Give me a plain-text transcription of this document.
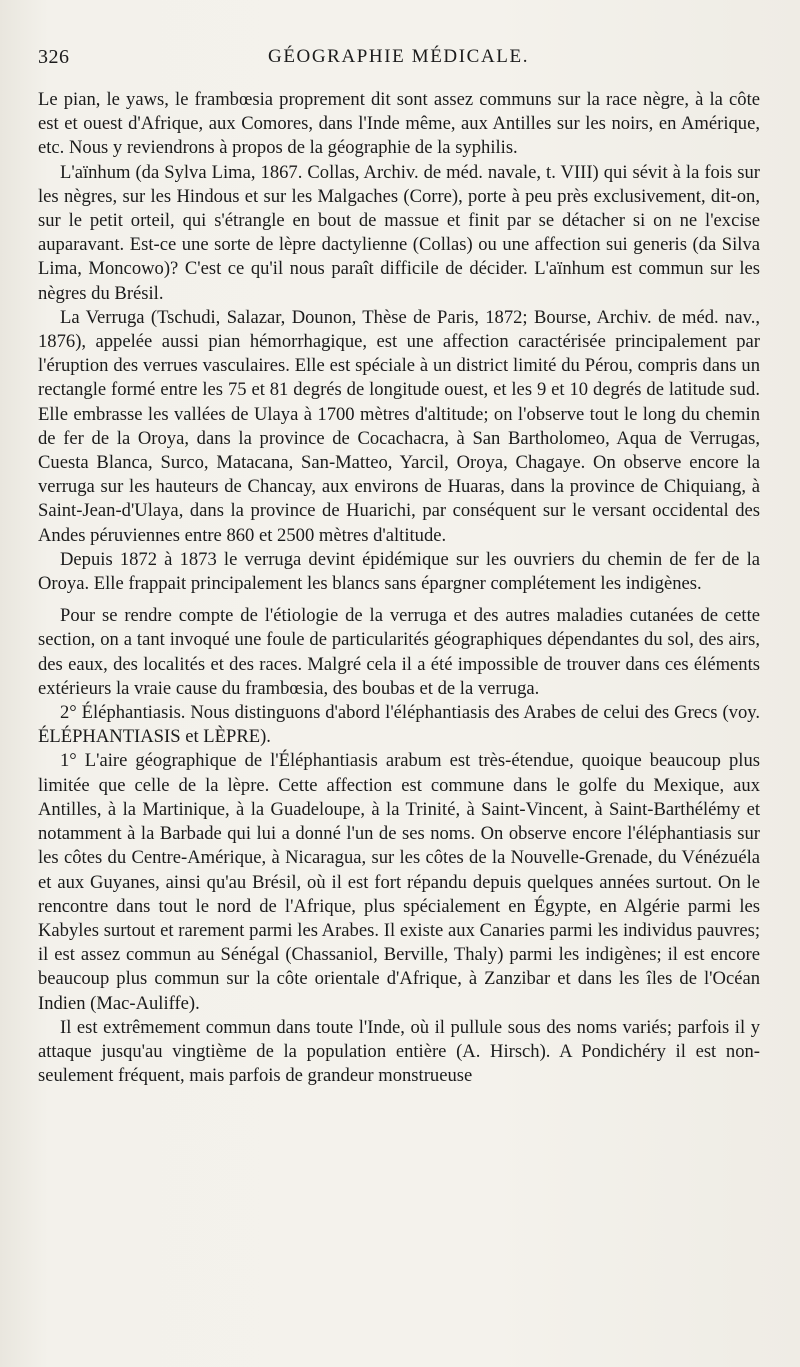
326	GÉOGRAPHIE MÉDICALE.

Le pian, le yaws, le frambœsia proprement dit sont assez communs sur la race nègre, à la côte est et ouest d'Afrique, aux Comores, dans l'Inde même, aux Antilles sur les noirs, en Amérique, etc. Nous y reviendrons à propos de la géographie de la syphilis.

L'aïnhum (da Sylva Lima, 1867. Collas, Archiv. de méd. navale, t. VIII) qui sévit à la fois sur les nègres, sur les Hindous et sur les Malgaches (Corre), porte à peu près exclusivement, dit-on, sur le petit orteil, qui s'étrangle en bout de massue et finit par se détacher si on ne l'excise auparavant. Est-ce une sorte de lèpre dactylienne (Collas) ou une affection sui generis (da Silva Lima, Moncowo)? C'est ce qu'il nous paraît difficile de décider. L'aïnhum est commun sur les nègres du Brésil.

La Verruga (Tschudi, Salazar, Dounon, Thèse de Paris, 1872; Bourse, Archiv. de méd. nav., 1876), appelée aussi pian hémorrhagique, est une affection caractérisée principalement par l'éruption des verrues vasculaires. Elle est spéciale à un district limité du Pérou, compris dans un rectangle formé entre les 75 et 81 degrés de longitude ouest, et les 9 et 10 degrés de latitude sud. Elle embrasse les vallées de Ulaya à 1700 mètres d'altitude; on l'observe tout le long du chemin de fer de la Oroya, dans la province de Cocachacra, à San Bartholomeo, Aqua de Verrugas, Cuesta Blanca, Surco, Matacana, San-Matteo, Yarcil, Oroya, Chagaye. On observe encore la verruga sur les hauteurs de Chancay, aux environs de Huaras, dans la province de Chiquiang, à Saint-Jean-d'Ulaya, dans la province de Huarichi, par conséquent sur le versant occidental des Andes péruviennes entre 860 et 2500 mètres d'altitude.

Depuis 1872 à 1873 le verruga devint épidémique sur les ouvriers du chemin de fer de la Oroya. Elle frappait principalement les blancs sans épargner complétement les indigènes.

Pour se rendre compte de l'étiologie de la verruga et des autres maladies cutanées de cette section, on a tant invoqué une foule de particularités géographiques dépendantes du sol, des airs, des eaux, des localités et des races. Malgré cela il a été impossible de trouver dans ces éléments extérieurs la vraie cause du frambœsia, des boubas et de la verruga.

2° Éléphantiasis. Nous distinguons d'abord l'éléphantiasis des Arabes de celui des Grecs (voy. ÉLÉPHANTIASIS et LÈPRE).

1° L'aire géographique de l'Éléphantiasis arabum est très-étendue, quoique beaucoup plus limitée que celle de la lèpre. Cette affection est commune dans le golfe du Mexique, aux Antilles, à la Martinique, à la Guadeloupe, à la Trinité, à Saint-Vincent, à Saint-Barthélémy et notamment à la Barbade qui lui a donné l'un de ses noms. On observe encore l'éléphantiasis sur les côtes du Centre-Amérique, à Nicaragua, sur les côtes de la Nouvelle-Grenade, du Vénézuéla et aux Guyanes, ainsi qu'au Brésil, où il est fort répandu depuis quelques années surtout. On le rencontre dans tout le nord de l'Afrique, plus spécialement en Égypte, en Algérie parmi les Kabyles surtout et rarement parmi les Arabes. Il existe aux Canaries parmi les individus pauvres; il est assez commun au Sénégal (Chassaniol, Berville, Thaly) parmi les indigènes; il est encore beaucoup plus commun sur la côte orientale d'Afrique, à Zanzibar et dans les îles de l'Océan Indien (Mac-Auliffe).

Il est extrêmement commun dans toute l'Inde, où il pullule sous des noms variés; parfois il y attaque jusqu'au vingtième de la population entière (A. Hirsch). A Pondichéry il est non-seulement fréquent, mais parfois de grandeur monstrueuse
